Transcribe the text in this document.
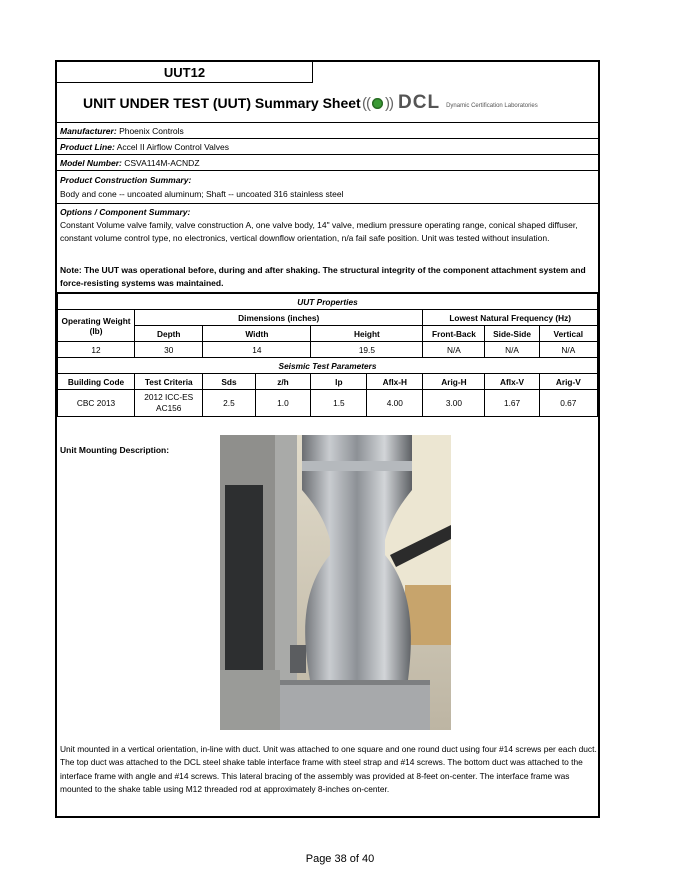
UUT12
UNIT UNDER TEST (UUT) Summary Sheet (( )) DCL Dynamic Certification Laboratories
Manufacturer: Phoenix Controls
Product Line: Accel II Airflow Control Valves
Model Number: CSVA114M-ACNDZ
Product Construction Summary:
Body and cone -- uncoated aluminum; Shaft -- uncoated 316 stainless steel
Options / Component Summary:
Constant Volume valve family, valve construction A, one valve body, 14" valve, medium pressure operating range, conical shaped diffuser, constant volume control type, no electronics, vertical downflow orientation, n/a fail safe position. Unit was tested without insulation.
Note: The UUT was operational before, during and after shaking. The structural integrity of the component attachment system and force-resisting systems was maintained.
UUT Properties								
Operating Weight (lb)	Dimensions (inches)					Lowest Natural Frequency (Hz)		
	Depth	Width		Height		Front-Back	Side-Side	Vertical
12	30	14		19.5		N/A	N/A	N/A
Seismic Test Parameters								
Building Code	Test Criteria	Sds	z/h	Ip	Aflx-H	Arig-H	Aflx-V	Arig-V
CBC 2013	2012 ICC-ES AC156	2.5	1.0	1.5	4.00	3.00	1.67	0.67
Unit Mounting Description:
Unit mounted in a vertical orientation, in-line with duct. Unit was attached to one square and one round duct using four #14 screws per each duct. The top duct was attached to the DCL steel shake table interface frame with steel strap and #14 screws. The bottom duct was attached to the interface frame with angle and #14 screws. This lateral bracing of the assembly was provided at 8-feet on-center. The interface frame was mounted to the shake table using M12 threaded rod at approximately 8-inches on-center.
Page 38 of 40
